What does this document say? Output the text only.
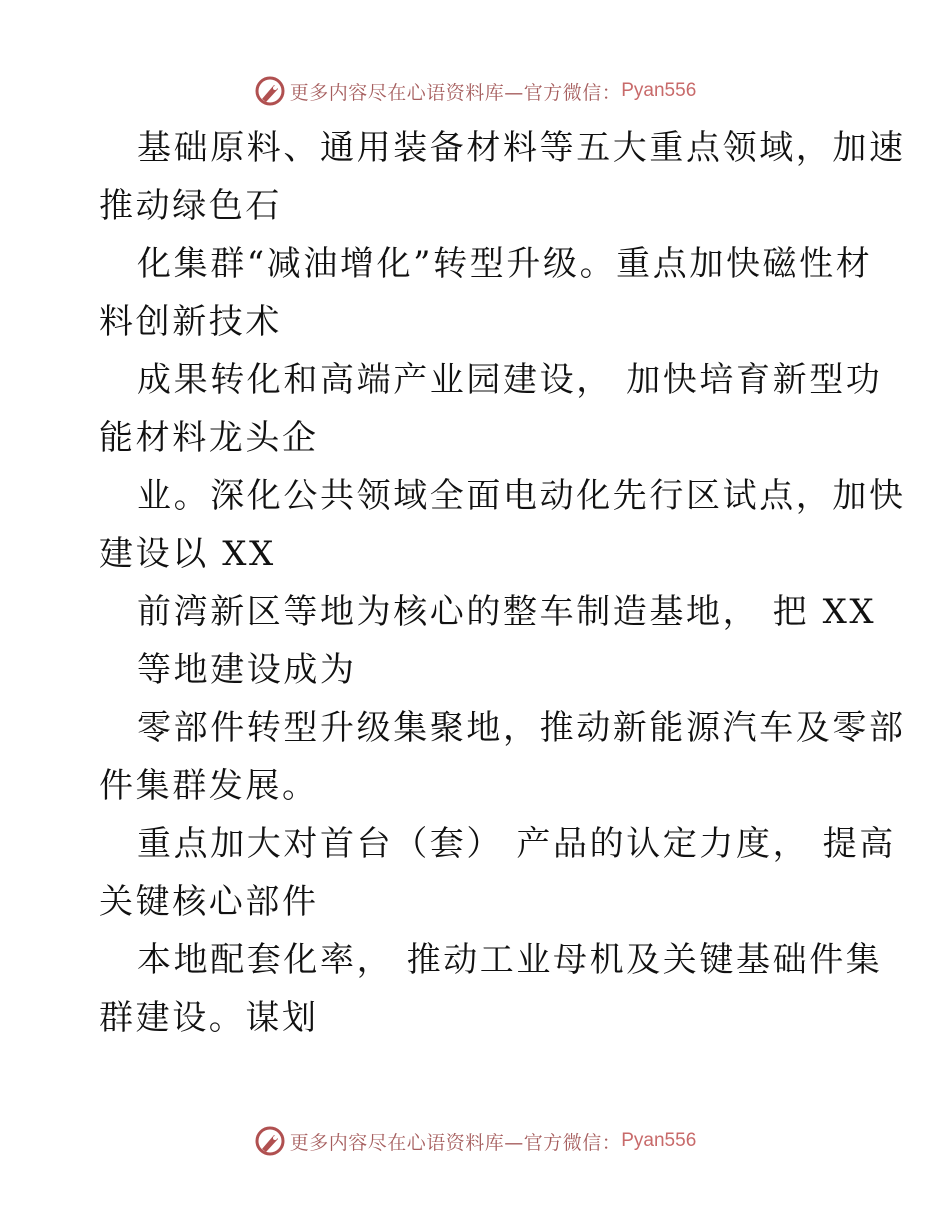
更多内容尽在心语资料库—官方微信： Pyan556
基础原料、通用装备材料等五大重点领域，加速
推动绿色石
化集群“减油增化”转型升级。重点加快磁性材
料创新技术
成果转化和高端产业园建设， 加快培育新型功
能材料龙头企
业。深化公共领域全面电动化先行区试点，加快
建设以 XX
前湾新区等地为核心的整车制造基地， 把 XX
等地建设成为
零部件转型升级集聚地，推动新能源汽车及零部
件集群发展。
重点加大对首台（套） 产品的认定力度， 提高
关键核心部件
本地配套化率， 推动工业母机及关键基础件集
群建设。谋划
更多内容尽在心语资料库—官方微信： Pyan556
